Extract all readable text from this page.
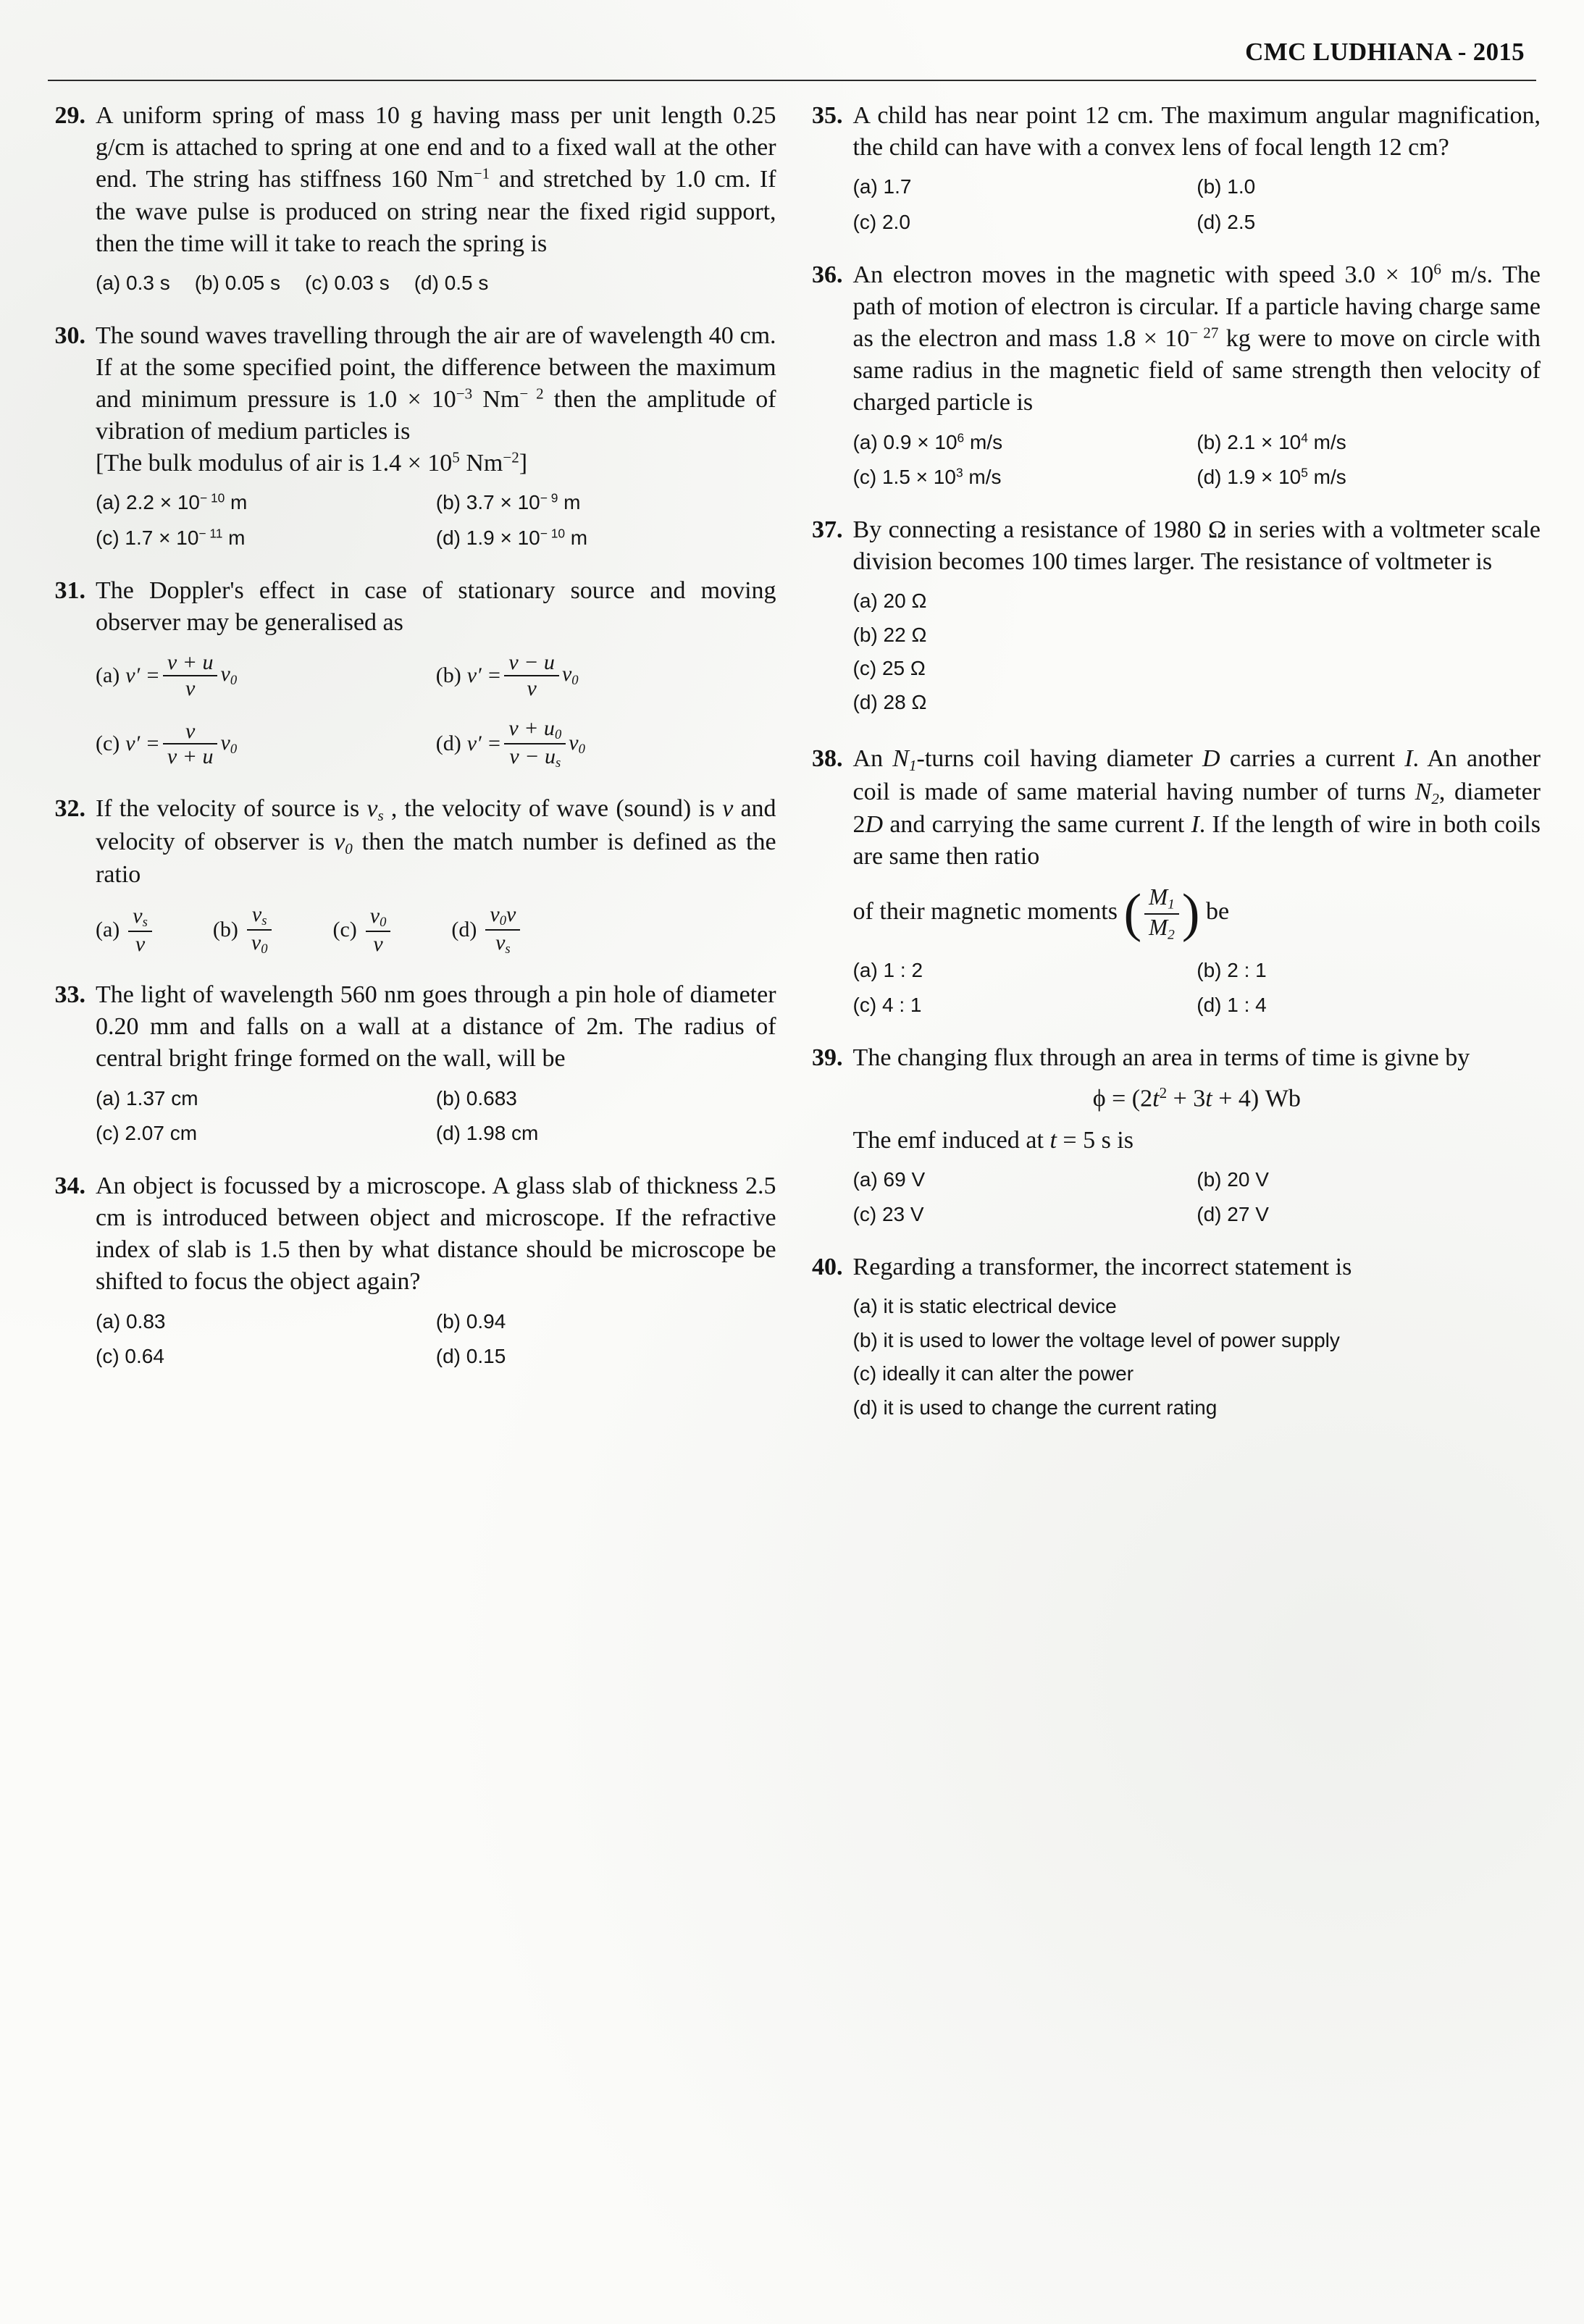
CMC LUDHIANA - 2015
29. A uniform spring of mass 10 g having mass per unit length 0.25 g/cm is attached to spring at one end and to a fixed wall at the other end. The string has stiffness 160 $Nm^{-1}$ and stretched by 1.0 cm. If the wave pulse is produced on string near the fixed rigid support, then the time will it take to reach the spring is
(a) 0.3 s (b) 0.05 s (c) 0.03 s (d) 0.5 s
30. The sound waves travelling through the air are of wavelength 40 cm. If at the some specified point, the difference between the maximum and minimum pressure is $1.0 \times 10^{-3}$ $Nm^{- 2}$ then the amplitude of vibration of medium particles is
[The bulk modulus of air is $1.4 \times 10^5$ $Nm^{-2}$]
(a) $2.2 \times 10^{- 10}$ m	(b) $3.7 \times 10^{- 9}$ m
(c) $1.7 \times 10^{- 11}$ m	(d) $1.9 \times 10^{- 10}$ m
31. The Doppler's effect in case of stationary source and moving observer may be generalised as
(a) $v' = \frac{v + u}{v} v_0$	(b) $v' = \frac{v - u}{v} v_0$
(c) $v' = \frac{v}{v + u} v_0$	(d) $v' = \frac{v + u_0}{v - u_s} v_0$
32. If the velocity of source is $v_s$ , the velocity of wave (sound) is v and velocity of observer is $v_0$ then the match number is defined as the ratio
$(a) \frac{v_s}{v}$	$(b) \frac{v_s}{v_0}$	$(c) \frac{v_0}{v}$	$(d) \frac{v_0v}{v_s}$
33. The light of wavelength 560 nm goes through a pin hole of diameter 0.20 mm and falls on a wall at a distance of 2m. The radius of central bright fringe formed on the wall, will be
(a) 1.37 cm	(b) 0.683
(c) 2.07 cm	(d) 1.98 cm
34. An object is focussed by a microscope. A glass slab of thickness 2.5 cm is introduced between object and microscope. If the refractive index of slab is 1.5 then by what distance should be microscope be shifted to focus the object again?
(a) 0.83	(b) 0.94
(c) 0.64	(d) 0.15
35. A child has near point 12 cm. The maximum angular magnification, the child can have with a convex lens of focal length 12 cm?
(a) 1.7	(b) 1.0
(c) 2.0	(d) 2.5
36. An electron moves in the magnetic with speed $3.0 \times 10^6$ m/s. The path of motion of electron is circular. If a particle having charge same as the electron and mass $1.8 \times 10^{- 27}$ kg were to move on circle with same radius in the magnetic field of same strength then velocity of charged particle is
(a) $0.9 \times 10^6$ m/s	(b) $2.1 \times 10^4$ m/s
(c) $1.5 \times 10^3$ m/s	(d) $1.9 \times 10^5$ m/s
37. By connecting a resistance of 1980 Ω in series with a voltmeter scale division becomes 100 times larger. The resistance of voltmeter is
(a) 20 Ω
(b) 22 Ω
(c) 25 Ω
(d) 28 Ω
38. An $N_1$-turns coil having diameter D carries a current I. An another coil is made of same material having number of turns $N_2$, diameter 2D and carrying the same current I. If the length of wire in both coils are same then ratio
of their magnetic moments ( $\frac{M_1}{M_2}$ ) be
(a) 1 : 2	(b) 2 : 1
(c) 4 : 1	(d) 1 : 4
39. The changing flux through an area in terms of time is givne by
$\phi = (2t^2 + 3t + 4)$ Wb
The emf induced at t = 5 s is
(a) 69 V	(b) 20 V
(c) 23 V	(d) 27 V
40. Regarding a transformer, the incorrect statement is
(a) it is static electrical device
(b) it is used to lower the voltage level of power supply
(c) ideally it can alter the power
(d) it is used to change the current rating
